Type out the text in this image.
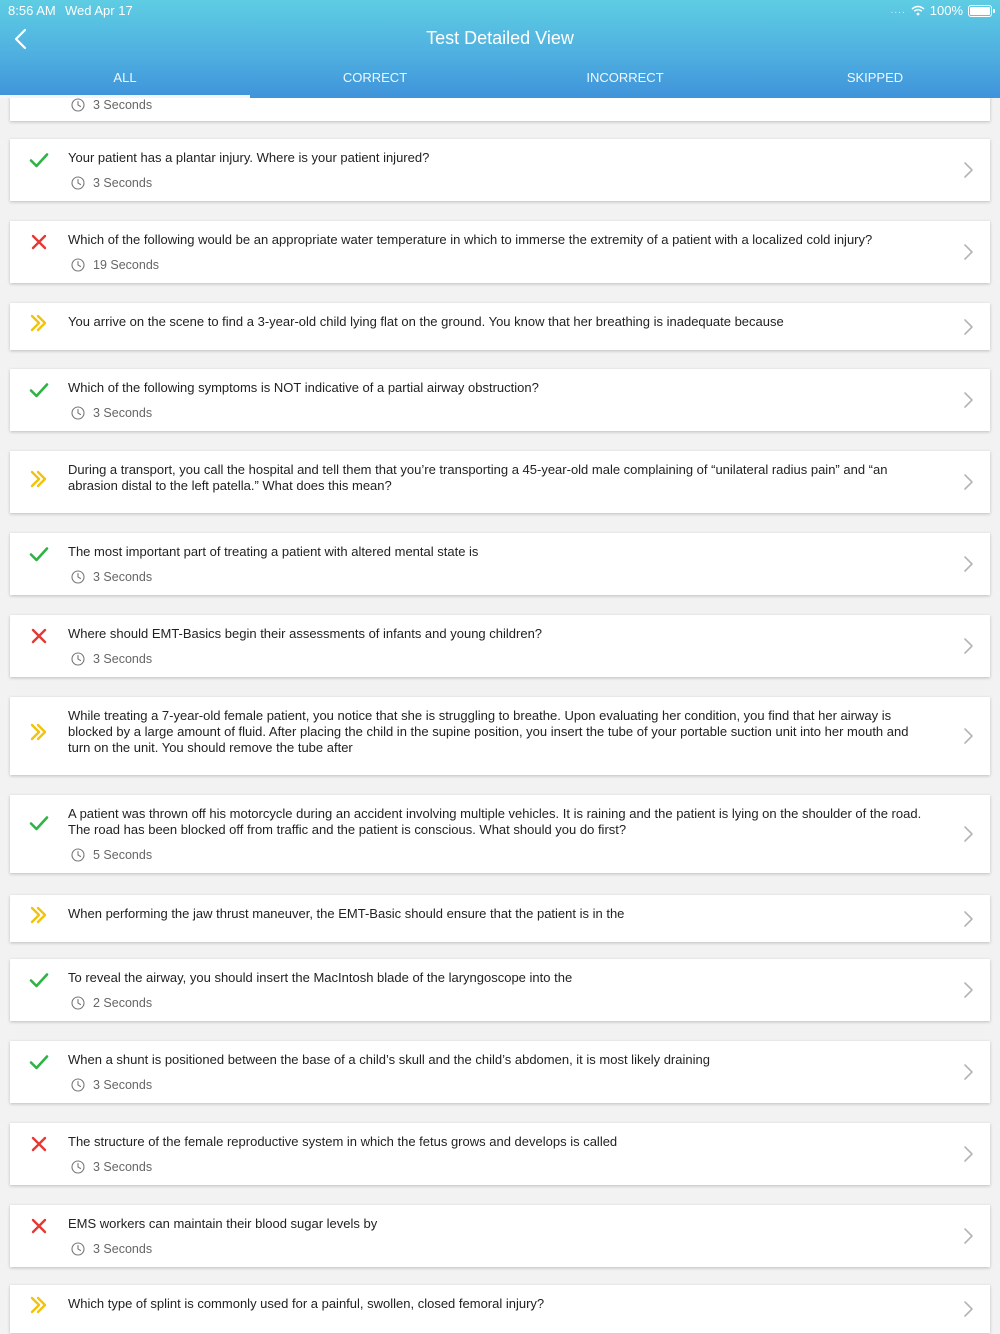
3 Seconds
Your patient has a plantar injury. Where is your patient injured?
3 Seconds
Which of the following would be an appropriate water temperature in which to immerse the extremity of a patient with a localized cold injury?
19 Seconds
You arrive on the scene to find a 3-year-old child lying flat on the ground. You know that her breathing is inadequate because
Which of the following symptoms is NOT indicative of a partial airway obstruction?
3 Seconds
During a transport, you call the hospital and tell them that you’re transporting a 45-year-old male complaining of “unilateral radius pain” and “an abrasion distal to the left patella.” What does this mean?
The most important part of treating a patient with altered mental state is
3 Seconds
Where should EMT-Basics begin their assessments of infants and young children?
3 Seconds
While treating a 7-year-old female patient, you notice that she is struggling to breathe. Upon evaluating her condition, you find that her airway is blocked by a large amount of fluid. After placing the child in the supine position, you insert the tube of your portable suction unit into her mouth and turn on the unit. You should remove the tube after
A patient was thrown off his motorcycle during an accident involving multiple vehicles. It is raining and the patient is lying on the shoulder of the road. The road has been blocked off from traffic and the patient is conscious. What should you do first?
5 Seconds
When performing the jaw thrust maneuver, the EMT-Basic should ensure that the patient is in the
To reveal the airway, you should insert the MacIntosh blade of the laryngoscope into the
2 Seconds
When a shunt is positioned between the base of a child’s skull and the child’s abdomen, it is most likely draining
3 Seconds
The structure of the female reproductive system in which the fetus grows and develops is called
3 Seconds
EMS workers can maintain their blood sugar levels by
3 Seconds
Which type of splint is commonly used for a painful, swollen, closed femoral injury?
8:56 AM Wed Apr 17	.... 100%
Test Detailed View
ALL	CORRECT	INCORRECT	SKIPPED
